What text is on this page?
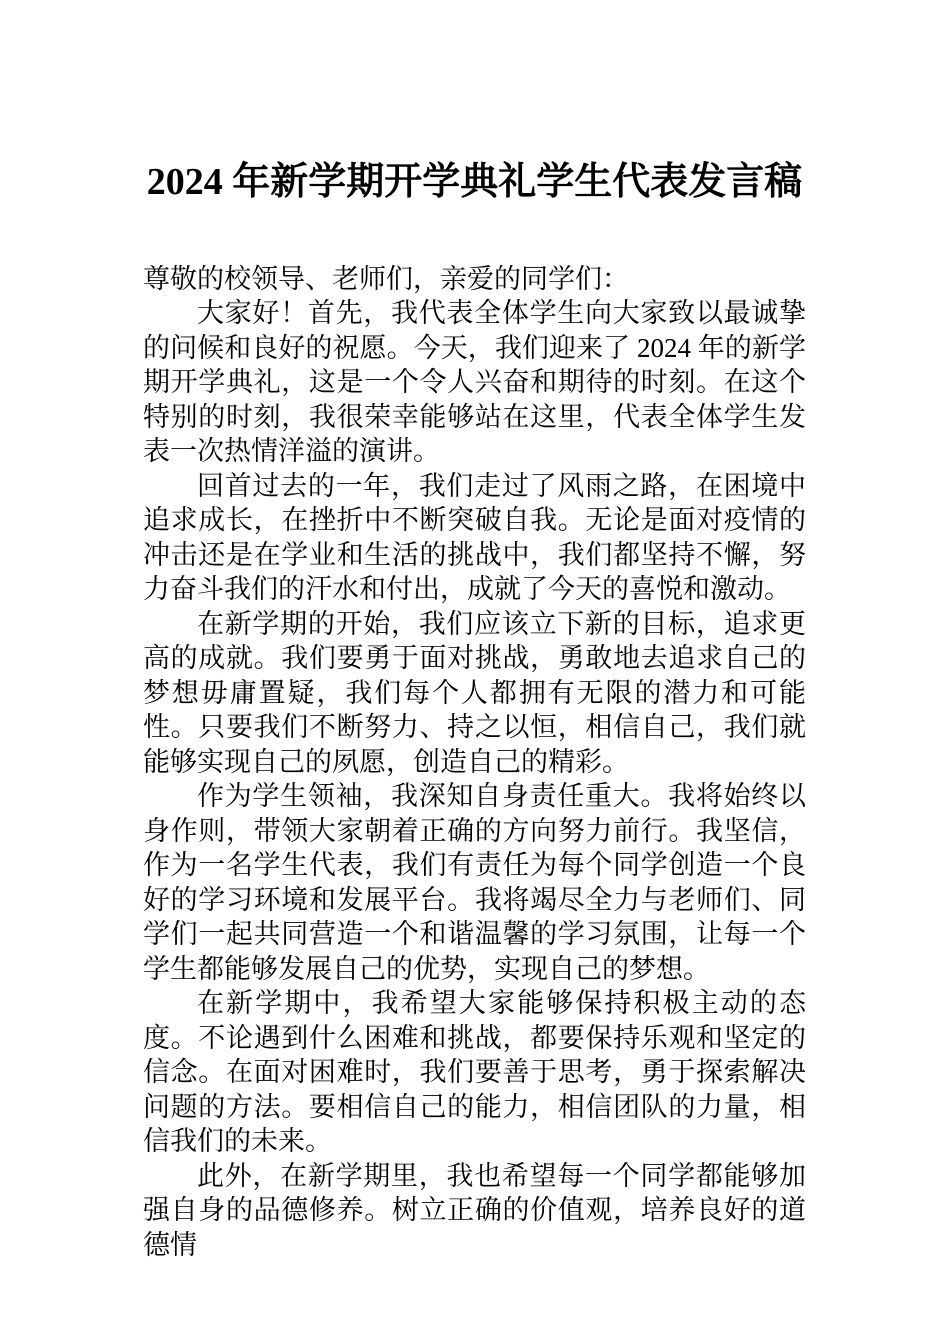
2024 年新学期开学典礼学生代表发言稿

尊敬的校领导、老师们，亲爱的同学们：

大家好！首先，我代表全体学生向大家致以最诚挚的问候和良好的祝愿。今天，我们迎来了 2024 年的新学期开学典礼，这是一个令人兴奋和期待的时刻。在这个特别的时刻，我很荣幸能够站在这里，代表全体学生发表一次热情洋溢的演讲。

回首过去的一年，我们走过了风雨之路，在困境中追求成长，在挫折中不断突破自我。无论是面对疫情的冲击还是在学业和生活的挑战中，我们都坚持不懈，努力奋斗我们的汗水和付出，成就了今天的喜悦和激动。

在新学期的开始，我们应该立下新的目标，追求更高的成就。我们要勇于面对挑战，勇敢地去追求自己的梦想毋庸置疑，我们每个人都拥有无限的潜力和可能性。只要我们不断努力、持之以恒，相信自己，我们就能够实现自己的夙愿，创造自己的精彩。

作为学生领袖，我深知自身责任重大。我将始终以身作则，带领大家朝着正确的方向努力前行。我坚信，作为一名学生代表，我们有责任为每个同学创造一个良好的学习环境和发展平台。我将竭尽全力与老师们、同学们一起共同营造一个和谐温馨的学习氛围，让每一个学生都能够发展自己的优势，实现自己的梦想。

在新学期中，我希望大家能够保持积极主动的态度。不论遇到什么困难和挑战，都要保持乐观和坚定的信念。在面对困难时，我们要善于思考，勇于探索解决问题的方法。要相信自己的能力，相信团队的力量，相信我们的未来。

此外，在新学期里，我也希望每一个同学都能够加强自身的品德修养。树立正确的价值观，培养良好的道德情
